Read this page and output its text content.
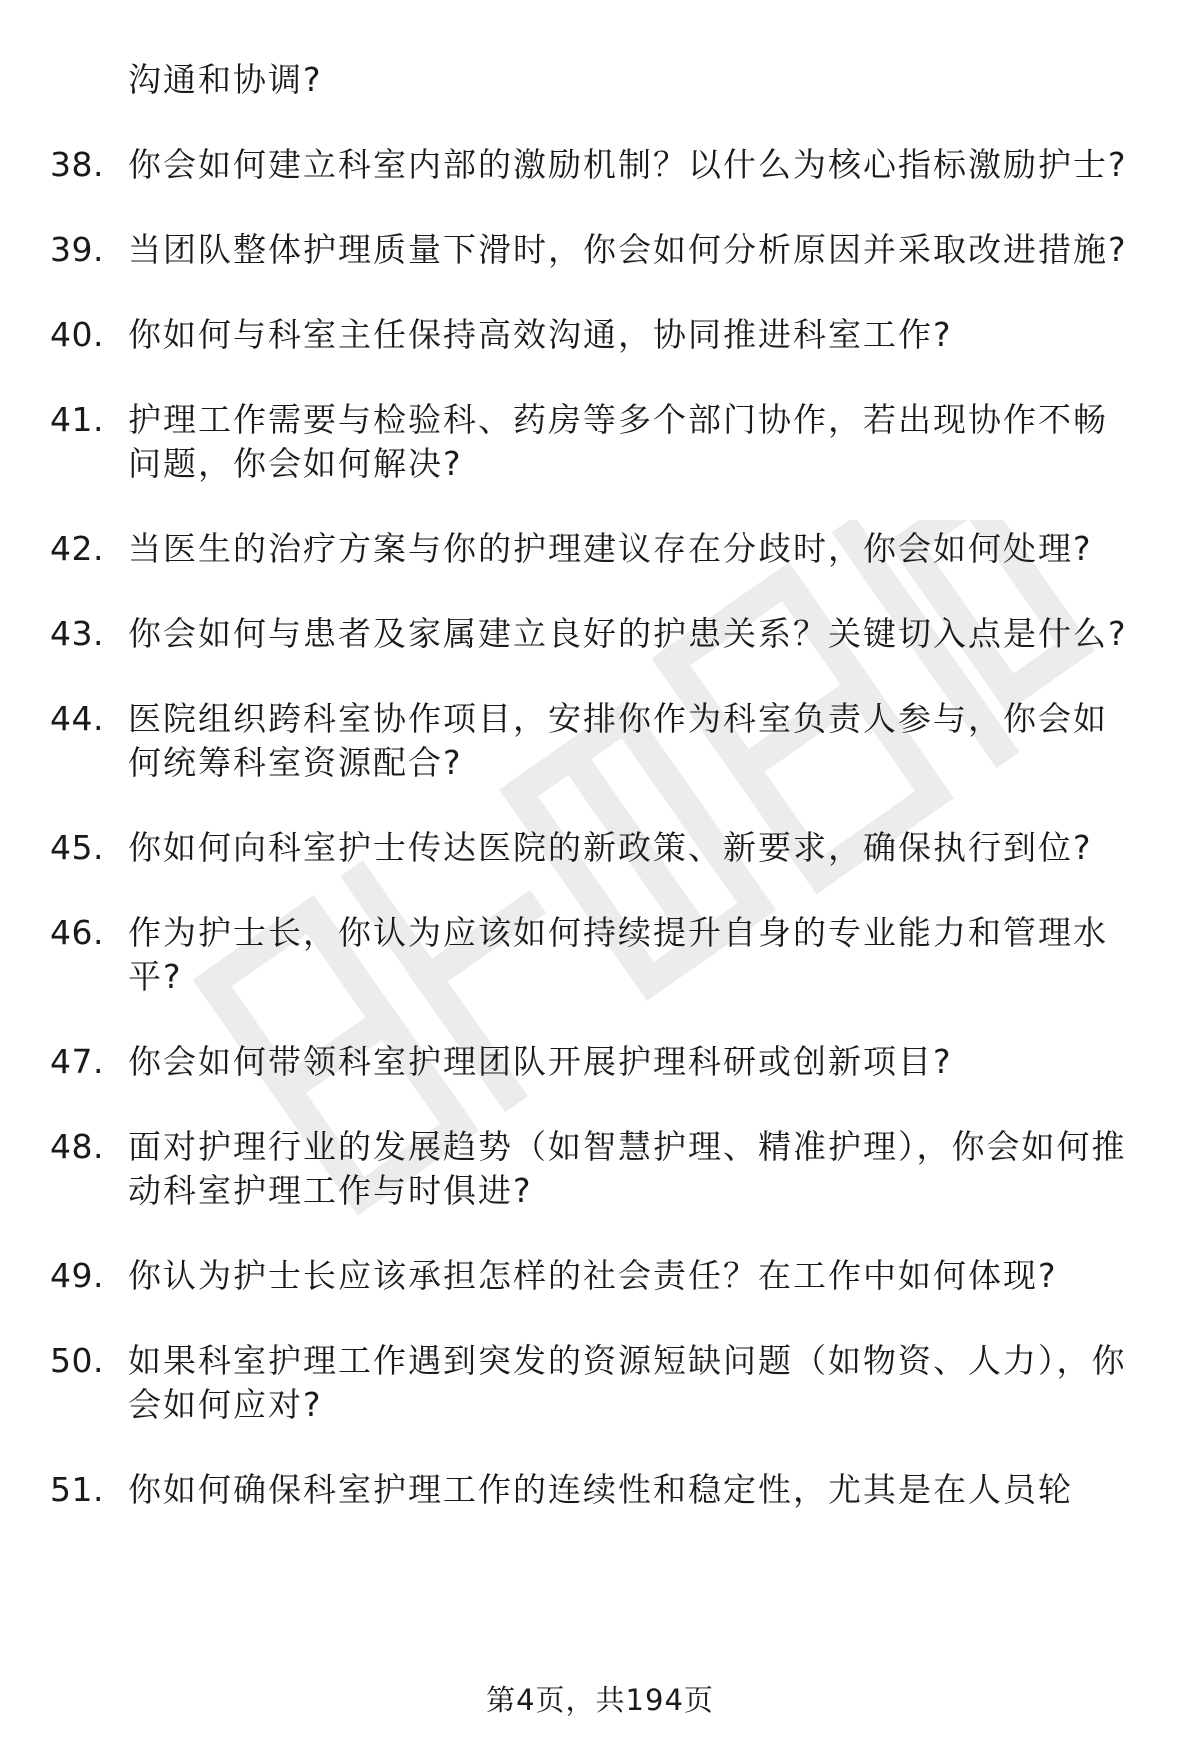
沟通和协调?
38. 你会如何建立科室内部的激励机制？以什么为核心指标激励护士?
39. 当团队整体护理质量下滑时，你会如何分析原因并采取改进措施?
40. 你如何与科室主任保持高效沟通，协同推进科室工作?
41. 护理工作需要与检验科、药房等多个部门协作，若出现协作不畅问题，你会如何解决?
42. 当医生的治疗方案与你的护理建议存在分歧时，你会如何处理?
43. 你会如何与患者及家属建立良好的护患关系？关键切入点是什么?
44. 医院组织跨科室协作项目，安排你作为科室负责人参与，你会如何统筹科室资源配合?
45. 你如何向科室护士传达医院的新政策、新要求，确保执行到位?
46. 作为护士长，你认为应该如何持续提升自身的专业能力和管理水平?
47. 你会如何带领科室护理团队开展护理科研或创新项目?
48. 面对护理行业的发展趋势（如智慧护理、精准护理），你会如何推动科室护理工作与时俱进?
49. 你认为护士长应该承担怎样的社会责任？在工作中如何体现?
50. 如果科室护理工作遇到突发的资源短缺问题（如物资、人力），你会如何应对?
51. 你如何确保科室护理工作的连续性和稳定性，尤其是在人员轮
第4页，共194页
